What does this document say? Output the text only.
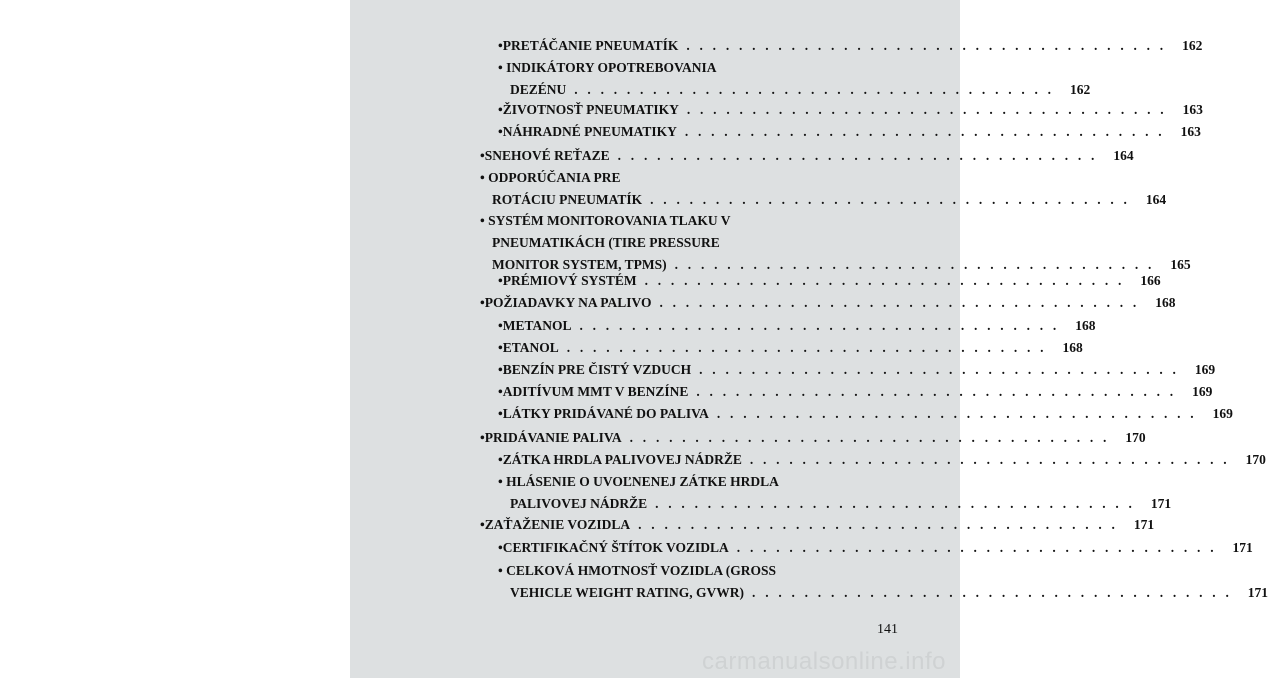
• PRETÁČANIE PNEUMATÍK . . . . . . . . . . . . . . . . . . . . . . . . . . . . . . . . . . . . .	162
• INDIKÁTORY OPOTREBOVANIA
DEZÉNU . . . . . . . . . . . . . . . . . . . . . . . . . . . . . . . . . . . . .	162
• ŽIVOTNOSŤ PNEUMATIKY . . . . . . . . . . . . . . . . . . . . . . . . . . . . . . . . . . . . .	163
• NÁHRADNÉ PNEUMATIKY . . . . . . . . . . . . . . . . . . . . . . . . . . . . . . . . . . . . .	163
• SNEHOVÉ REŤAZE . . . . . . . . . . . . . . . . . . . . . . . . . . . . . . . . . . . . .	164
• ODPORÚČANIA PRE
ROTÁCIU PNEUMATÍK . . . . . . . . . . . . . . . . . . . . . . . . . . . . . . . . . . . . .	164
• SYSTÉM MONITOROVANIA TLAKU V
PNEUMATIKÁCH (TIRE PRESSURE
MONITOR SYSTEM, TPMS) . . . . . . . . . . . . . . . . . . . . . . . . . . . . . . . . . . . . .	165
• PRÉMIOVÝ SYSTÉM . . . . . . . . . . . . . . . . . . . . . . . . . . . . . . . . . . . . .	166
• POŽIADAVKY NA PALIVO . . . . . . . . . . . . . . . . . . . . . . . . . . . . . . . . . . . . .	168
• METANOL . . . . . . . . . . . . . . . . . . . . . . . . . . . . . . . . . . . . .	168
• ETANOL . . . . . . . . . . . . . . . . . . . . . . . . . . . . . . . . . . . . .	168
• BENZÍN PRE ČISTÝ VZDUCH . . . . . . . . . . . . . . . . . . . . . . . . . . . . . . . . . . . . .	169
• ADITÍVUM MMT V BENZÍNE . . . . . . . . . . . . . . . . . . . . . . . . . . . . . . . . . . . . .	169
• LÁTKY PRIDÁVANÉ DO PALIVA . . . . . . . . . . . . . . . . . . . . . . . . . . . . . . . . . . . . .	169
• PRIDÁVANIE PALIVA . . . . . . . . . . . . . . . . . . . . . . . . . . . . . . . . . . . . .	170
• ZÁTKA HRDLA PALIVOVEJ NÁDRŽE . . . . . . . . . . . . . . . . . . . . . . . . . . . . . . . . . . . . .	170
• HLÁSENIE O UVOĽNENEJ ZÁTKE HRDLA
PALIVOVEJ NÁDRŽE . . . . . . . . . . . . . . . . . . . . . . . . . . . . . . . . . . . . .	171
• ZAŤAŽENIE VOZIDLA . . . . . . . . . . . . . . . . . . . . . . . . . . . . . . . . . . . . .	171
• CERTIFIKAČNÝ ŠTÍTOK VOZIDLA . . . . . . . . . . . . . . . . . . . . . . . . . . . . . . . . . . . . .	171
• CELKOVÁ HMOTNOSŤ VOZIDLA (GROSS
VEHICLE WEIGHT RATING, GVWR) . . . . . . . . . . . . . . . . . . . . . . . . . . . . . . . . . . . . .	171
141
carmanualsonline.info
